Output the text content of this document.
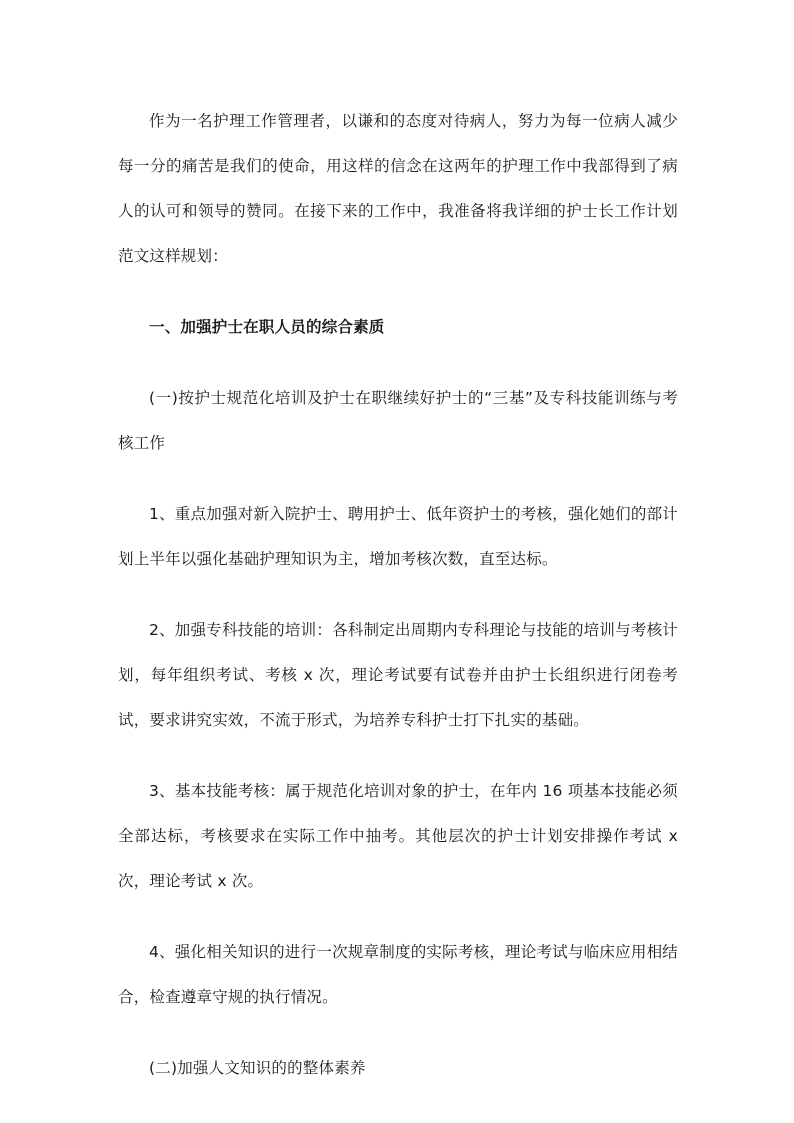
作为一名护理工作管理者，以谦和的态度对待病人，努力为每一位病人减少每一分的痛苦是我们的使命，用这样的信念在这两年的护理工作中我部得到了病人的认可和领导的赞同。在接下来的工作中，我准备将我详细的护士长工作计划范文这样规划：

一、加强护士在职人员的综合素质

(一)按护士规范化培训及护士在职继续好护士的“三基”及专科技能训练与考核工作

1、重点加强对新入院护士、聘用护士、低年资护士的考核，强化她们的部计划上半年以强化基础护理知识为主，增加考核次数，直至达标。

2、加强专科技能的培训：各科制定出周期内专科理论与技能的培训与考核计划，每年组织考试、考核 x 次，理论考试要有试卷并由护士长组织进行闭卷考试，要求讲究实效，不流于形式，为培养专科护士打下扎实的基础。

3、基本技能考核：属于规范化培训对象的护士，在年内 16 项基本技能必须全部达标，考核要求在实际工作中抽考。其他层次的护士计划安排操作考试 x 次，理论考试 x 次。

4、强化相关知识的进行一次规章制度的实际考核，理论考试与临床应用相结合，检查遵章守规的执行情况。

(二)加强人文知识的的整体素养
